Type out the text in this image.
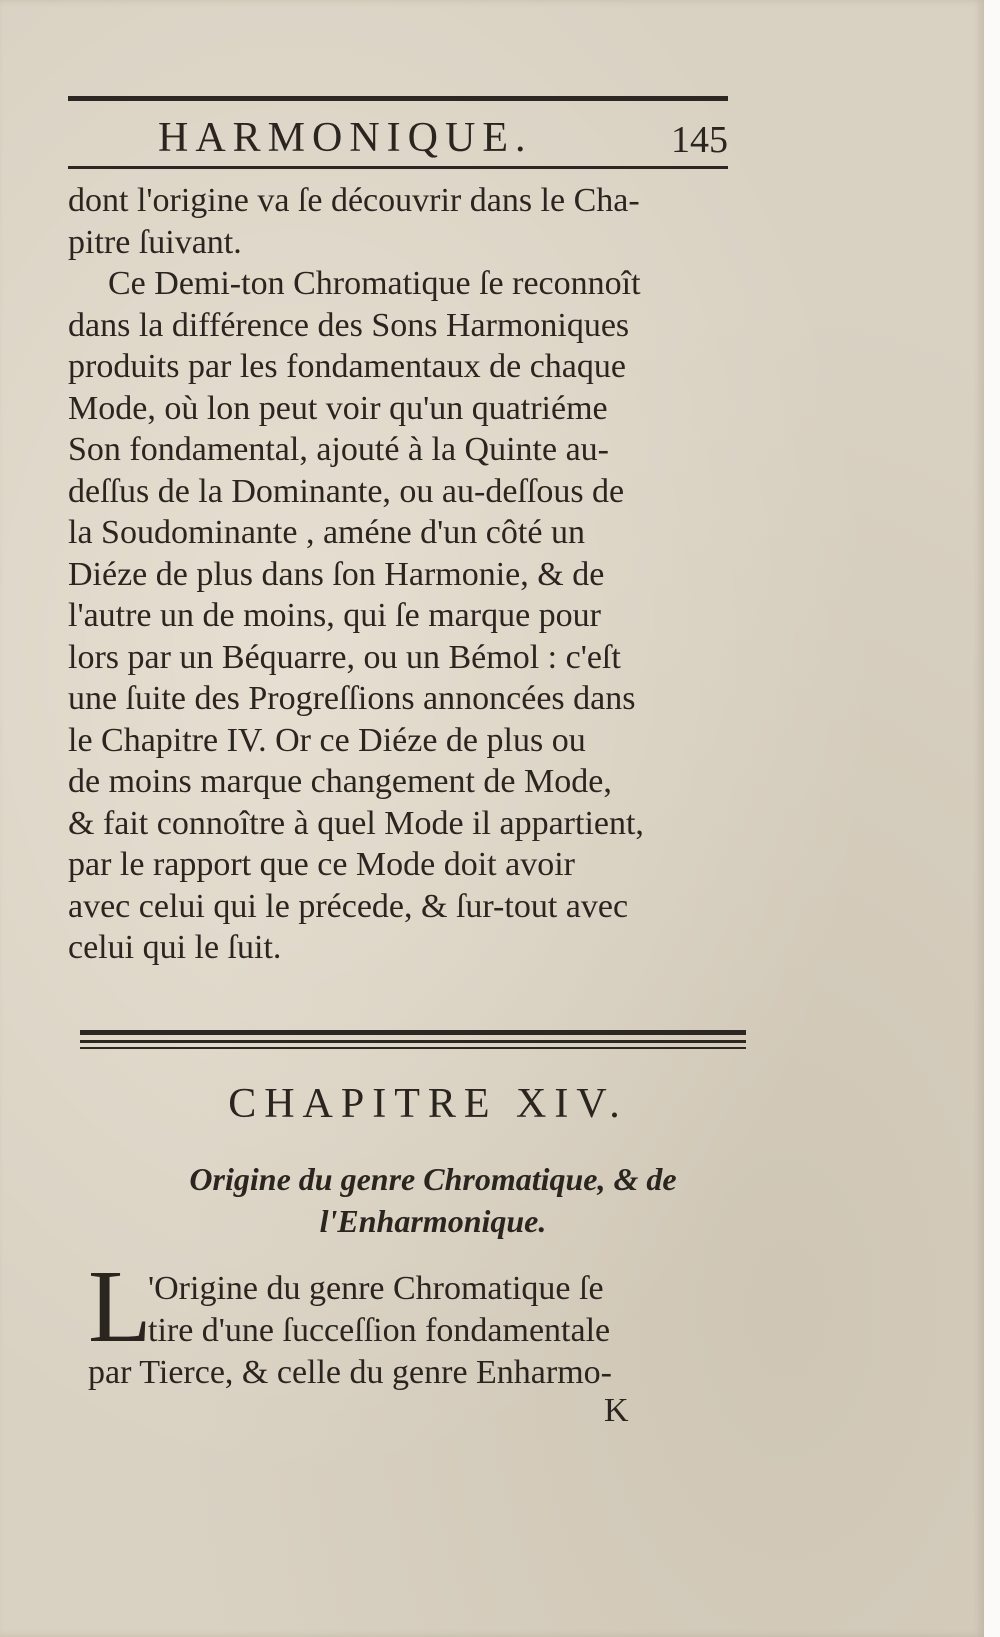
HARMONIQUE.	145
dont l'origine va ſe découvrir dans le Cha-
pitre ſuivant.
Ce Demi-ton Chromatique ſe reconnoît
dans la différence des Sons Harmoniques
produits par les fondamentaux de chaque
Mode, où lon peut voir qu'un quatriéme
Son fondamental, ajouté à la Quinte au-
deſſus de la Dominante, ou au-deſſous de
la Soudominante , améne d'un côté un
Diéze de plus dans ſon Harmonie, & de
l'autre un de moins, qui ſe marque pour
lors par un Béquarre, ou un Bémol : c'eſt
une ſuite des Progreſſions annoncées dans
le Chapitre IV. Or ce Diéze de plus ou
de moins marque changement de Mode,
& fait connoître à quel Mode il appartient,
par le rapport que ce Mode doit avoir
avec celui qui le précede, & ſur-tout avec
celui qui le ſuit.
CHAPITRE XIV.
Origine du genre Chromatique, & de
l'Enharmonique.
L
'Origine du genre Chromatique ſe
tire d'une ſucceſſion fondamentale
par Tierce, & celle du genre Enharmo-
K
